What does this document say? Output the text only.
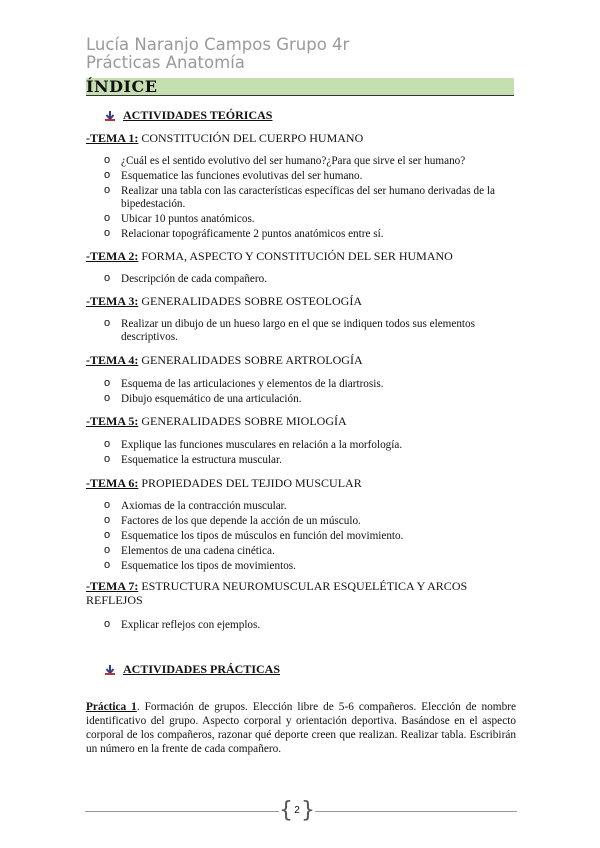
Lucía Naranjo Campos Grupo 4r
Prácticas Anatomía
ÍNDICE
ACTIVIDADES TEÓRICAS
-TEMA 1: CONSTITUCIÓN DEL CUERPO HUMANO
o ¿Cuál es el sentido evolutivo del ser humano?¿Para que sirve el ser humano?
o Esquematice las funciones evolutivas del ser humano.
o Realizar una tabla con las características específicas del ser humano derivadas de la bipedestación.
o Ubicar 10 puntos anatómicos.
o Relacionar topográficamente 2 puntos anatómicos entre sí.
-TEMA 2: FORMA, ASPECTO Y CONSTITUCIÓN DEL SER HUMANO
o Descripción de cada compañero.
-TEMA 3: GENERALIDADES SOBRE OSTEOLOGÍA
o Realizar un dibujo de un hueso largo en el que se indiquen todos sus elementos descriptivos.
-TEMA 4: GENERALIDADES SOBRE ARTROLOGÍA
o Esquema de las articulaciones y elementos de la diartrosis.
o Dibujo esquemático de una articulación.
-TEMA 5: GENERALIDADES SOBRE MIOLOGÍA
o Explique las funciones musculares en relación a la morfología.
o Esquematice la estructura muscular.
-TEMA 6: PROPIEDADES DEL TEJIDO MUSCULAR
o Axiomas de la contracción muscular.
o Factores de los que depende la acción de un músculo.
o Esquematice los tipos de músculos en función del movimiento.
o Elementos de una cadena cinética.
o Esquematice los tipos de movimientos.
-TEMA 7: ESTRUCTURA NEUROMUSCULAR ESQUELÉTICA Y ARCOS REFLEJOS
o Explicar reflejos con ejemplos.
ACTIVIDADES PRÁCTICAS
Práctica 1. Formación de grupos. Elección libre de 5-6 compañeros. Elección de nombre identificativo del grupo. Aspecto corporal y orientación deportiva. Basándose en el aspecto corporal de los compañeros, razonar qué deporte creen que realizan. Realizar tabla. Escribirán un número en la frente de cada compañero.
{ 2 }
